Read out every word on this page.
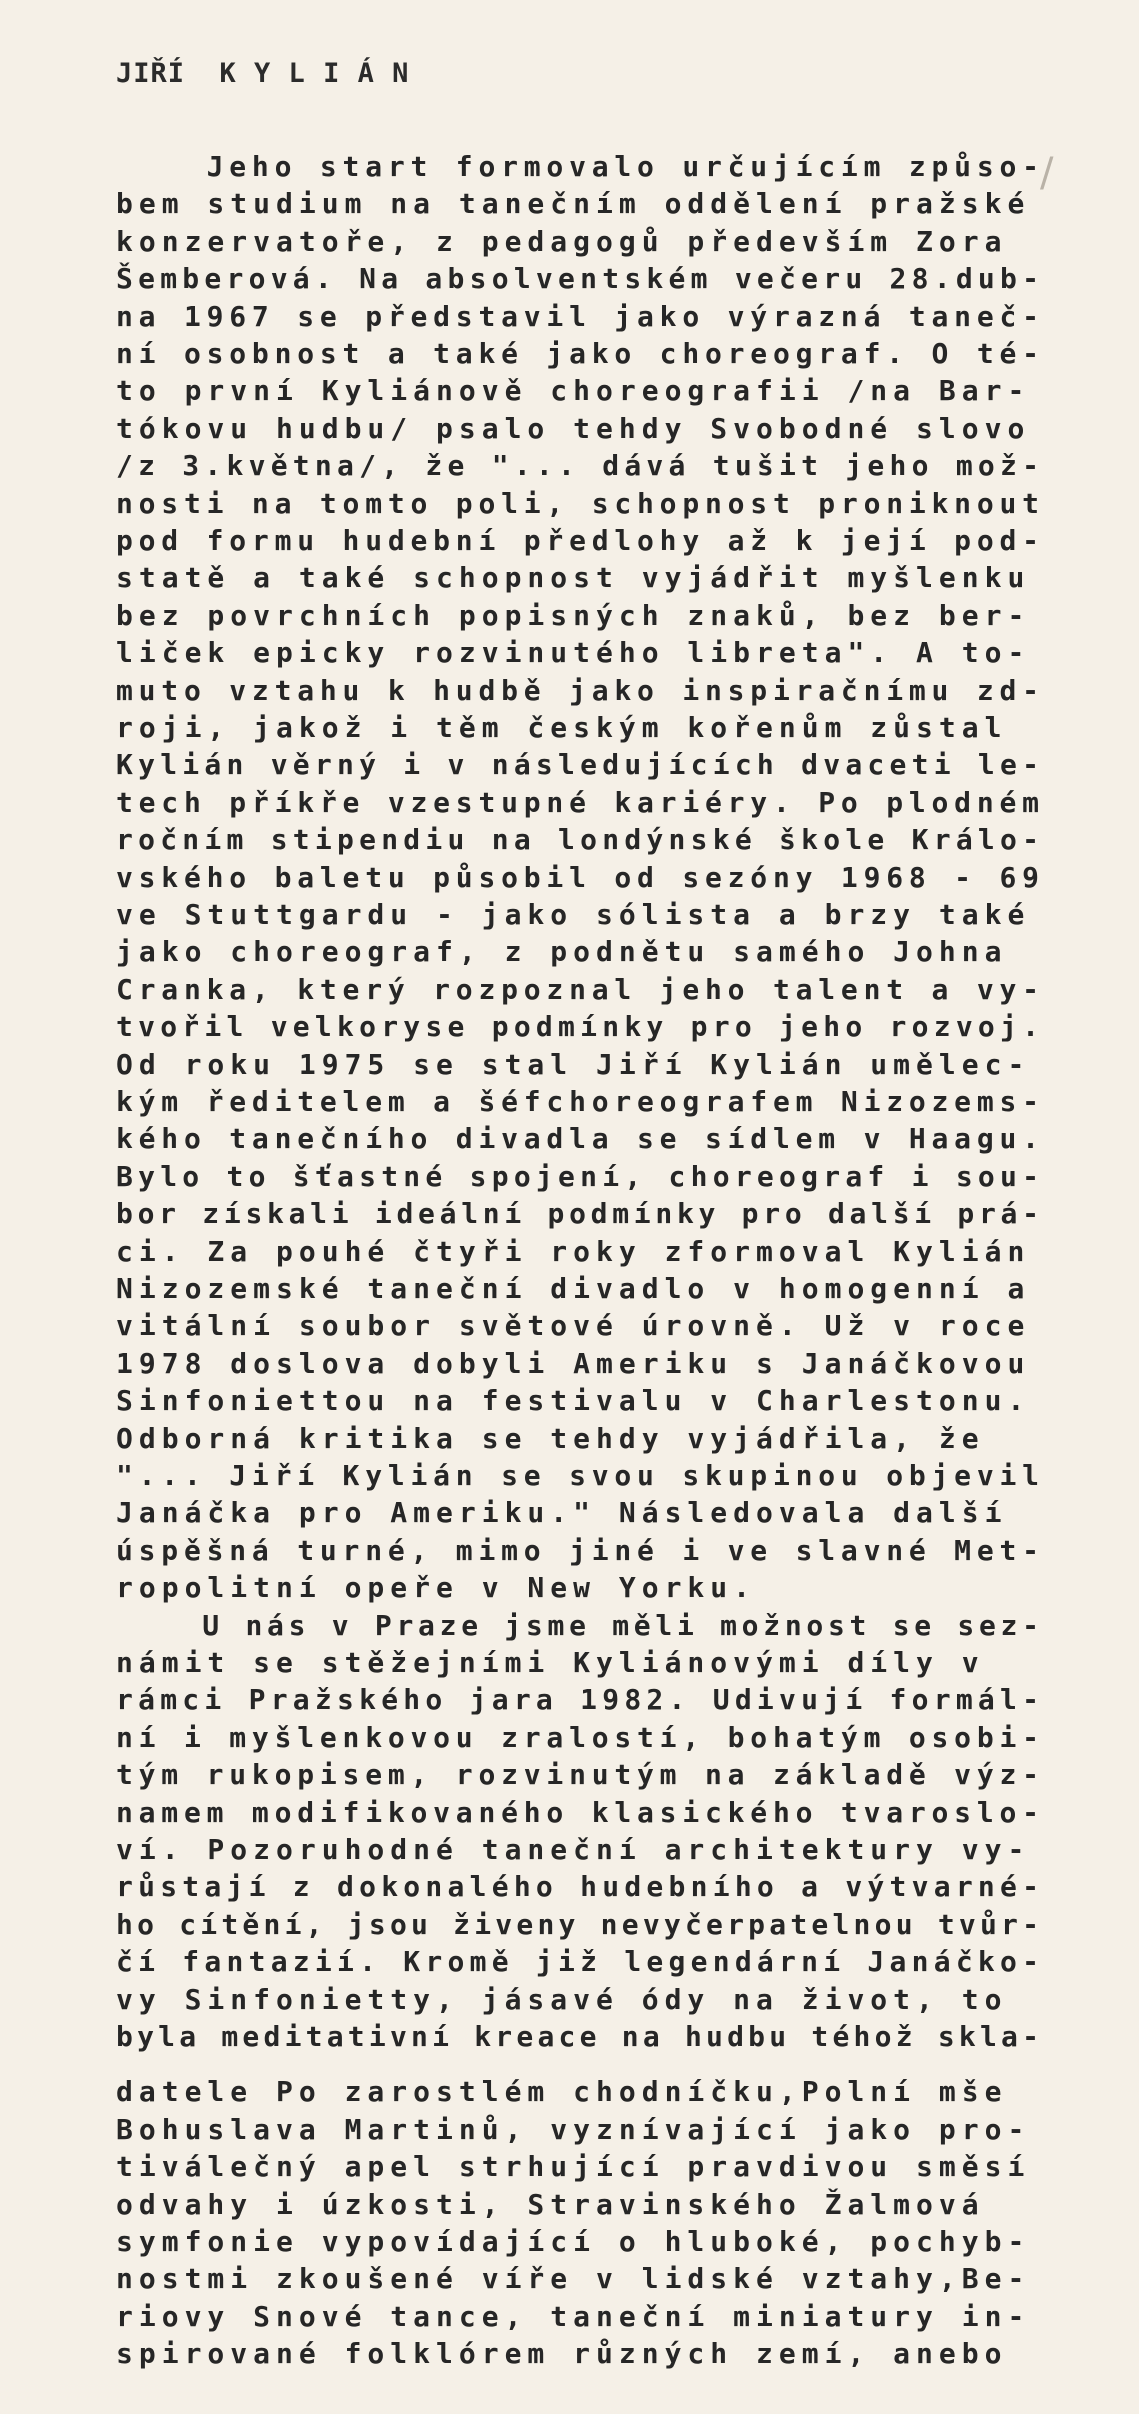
JIŘÍ  K Y L I Á N
/
Jeho start formovalo určujícím způso-
bem studium na tanečním oddělení pražské
konzervatoře, z pedagogů především Zora
Šemberová. Na absolventském večeru 28.dub-
na 1967 se představil jako výrazná taneč-
ní osobnost a také jako choreograf. O té-
to první Kyliánově choreografii /na Bar-
tókovu hudbu/ psalo tehdy Svobodné slovo
/z 3.května/, že "... dává tušit jeho mož-
nosti na tomto poli, schopnost proniknout
pod formu hudební předlohy až k její pod-
statě a také schopnost vyjádřit myšlenku
bez povrchních popisných znaků, bez ber-
liček epicky rozvinutého libreta". A to-
muto vztahu k hudbě jako inspiračnímu zd-
roji, jakož i těm českým kořenům zůstal
Kylián věrný i v následujících dvaceti le-
tech příkře vzestupné kariéry. Po plodném
ročním stipendiu na londýnské škole Králo-
vského baletu působil od sezóny 1968 - 69
ve Stuttgardu - jako sólista a brzy také
jako choreograf, z podnětu samého Johna
Cranka, který rozpoznal jeho talent a vy-
tvořil velkoryse podmínky pro jeho rozvoj.
Od roku 1975 se stal Jiří Kylián umělec-
kým ředitelem a šéfchoreografem Nizozems-
kého tanečního divadla se sídlem v Haagu.
Bylo to šťastné spojení, choreograf i sou-
bor získali ideální podmínky pro další prá-
ci. Za pouhé čtyři roky zformoval Kylián
Nizozemské taneční divadlo v homogenní a
vitální soubor světové úrovně. Už v roce
1978 doslova dobyli Ameriku s Janáčkovou
Sinfoniettou na festivalu v Charlestonu.
Odborná kritika se tehdy vyjádřila, že
"... Jiří Kylián se svou skupinou objevil
Janáčka pro Ameriku." Následovala další
úspěšná turné, mimo jiné i ve slavné Met-
ropolitní opeře v New Yorku.
U nás v Praze jsme měli možnost se sez-
námit se stěžejními Kyliánovými díly v
rámci Pražského jara 1982. Udivují formál-
ní i myšlenkovou zralostí, bohatým osobi-
tým rukopisem, rozvinutým na základě výz-
namem modifikovaného klasického tvaroslo-
ví. Pozoruhodné taneční architektury vy-
růstají z dokonalého hudebního a výtvarné-
ho cítění, jsou živeny nevyčerpatelnou tvůr-
čí fantazií. Kromě již legendární Janáčko-
vy Sinfonietty, jásavé ódy na život, to
byla meditativní kreace na hudbu téhož skla-
datele Po zarostlém chodníčku,Polní mše
Bohuslava Martinů, vyznívající jako pro-
tiválečný apel strhující pravdivou směsí
odvahy i úzkosti, Stravinského Žalmová
symfonie vypovídající o hluboké, pochyb-
nostmi zkoušené víře v lidské vztahy,Be-
riovy Snové tance, taneční miniatury in-
spirované folklórem různých zemí, anebo
